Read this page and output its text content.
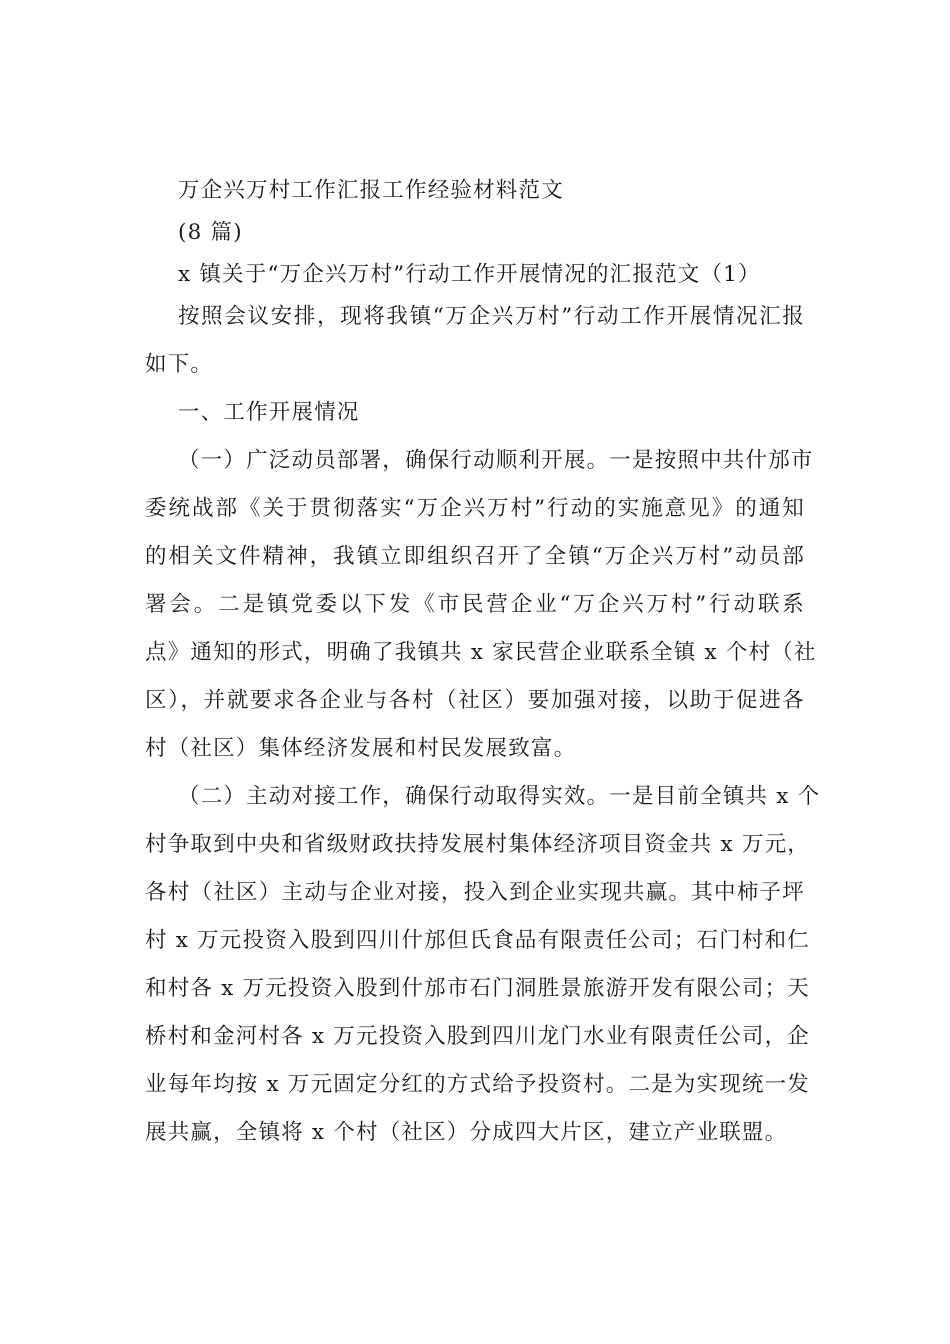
万企兴万村工作汇报工作经验材料范文
(8 篇)
x 镇关于“万企兴万村”行动工作开展情况的汇报范文（1）
按照会议安排，现将我镇“万企兴万村”行动工作开展情况汇报
如下。
一、工作开展情况
（一）广泛动员部署，确保行动顺利开展。一是按照中共什邡市
委统战部《关于贯彻落实“万企兴万村”行动的实施意见》的通知
的相关文件精神，我镇立即组织召开了全镇“万企兴万村”动员部
署会。二是镇党委以下发《市民营企业“万企兴万村”行动联系
点》通知的形式，明确了我镇共 x 家民营企业联系全镇 x 个村（社
区），并就要求各企业与各村（社区）要加强对接，以助于促进各
村（社区）集体经济发展和村民发展致富。
（二）主动对接工作，确保行动取得实效。一是目前全镇共 x 个
村争取到中央和省级财政扶持发展村集体经济项目资金共 x 万元，
各村（社区）主动与企业对接，投入到企业实现共赢。其中柿子坪
村 x 万元投资入股到四川什邡但氏食品有限责任公司；石门村和仁
和村各 x 万元投资入股到什邡市石门洞胜景旅游开发有限公司；天
桥村和金河村各 x 万元投资入股到四川龙门水业有限责任公司，企
业每年均按 x 万元固定分红的方式给予投资村。二是为实现统一发
展共赢，全镇将 x 个村（社区）分成四大片区，建立产业联盟。
